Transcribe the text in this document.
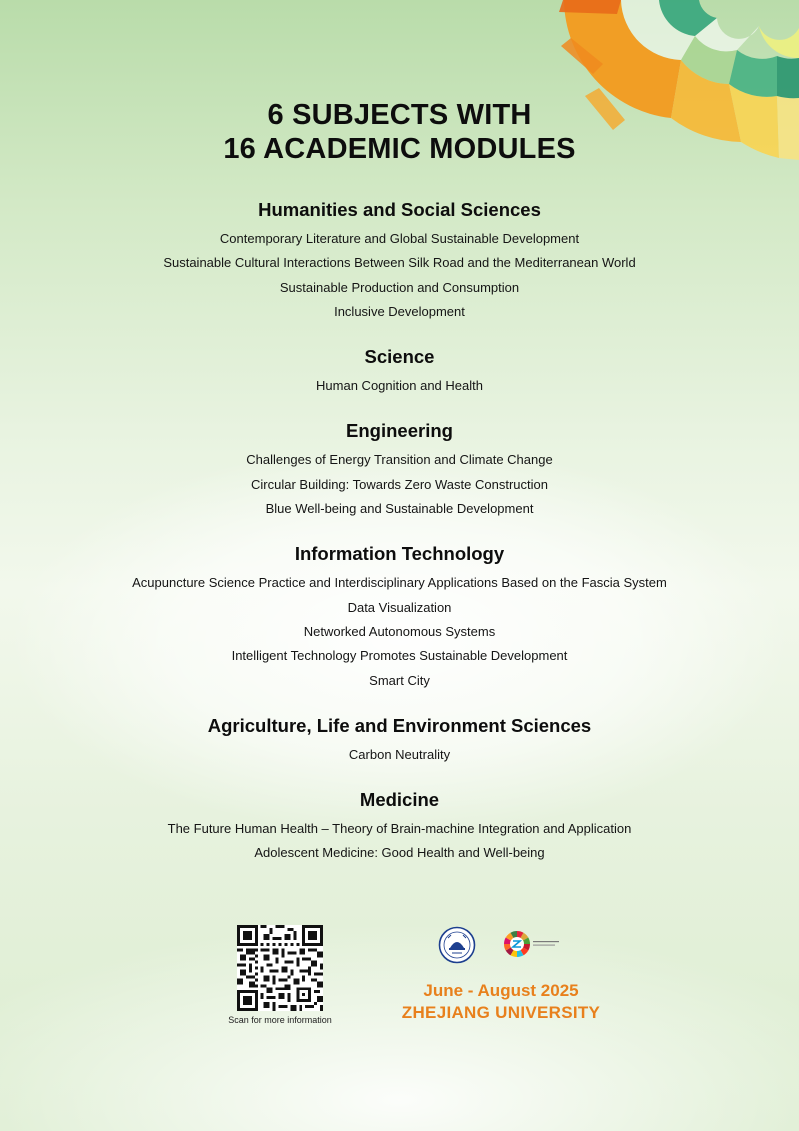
6 SUBJECTS WITH
16 ACADEMIC MODULES
Humanities and Social Sciences
Contemporary Literature and Global Sustainable Development
Sustainable Cultural Interactions Between Silk Road and the Mediterranean World
Sustainable Production and Consumption
Inclusive Development
Science
Human Cognition and Health
Engineering
Challenges of Energy Transition and Climate Change
Circular Building: Towards Zero Waste Construction
Blue Well-being and Sustainable Development
Information Technology
Acupuncture Science Practice and Interdisciplinary Applications Based on the Fascia System
Data Visualization
Networked Autonomous Systems
Intelligent Technology Promotes Sustainable Development
Smart City
Agriculture, Life and Environment Sciences
Carbon Neutrality
Medicine
The Future Human Health – Theory of Brain-machine Integration and Application
Adolescent Medicine: Good Health and Well-being
Scan for more information
June - August 2025
ZHEJIANG UNIVERSITY
